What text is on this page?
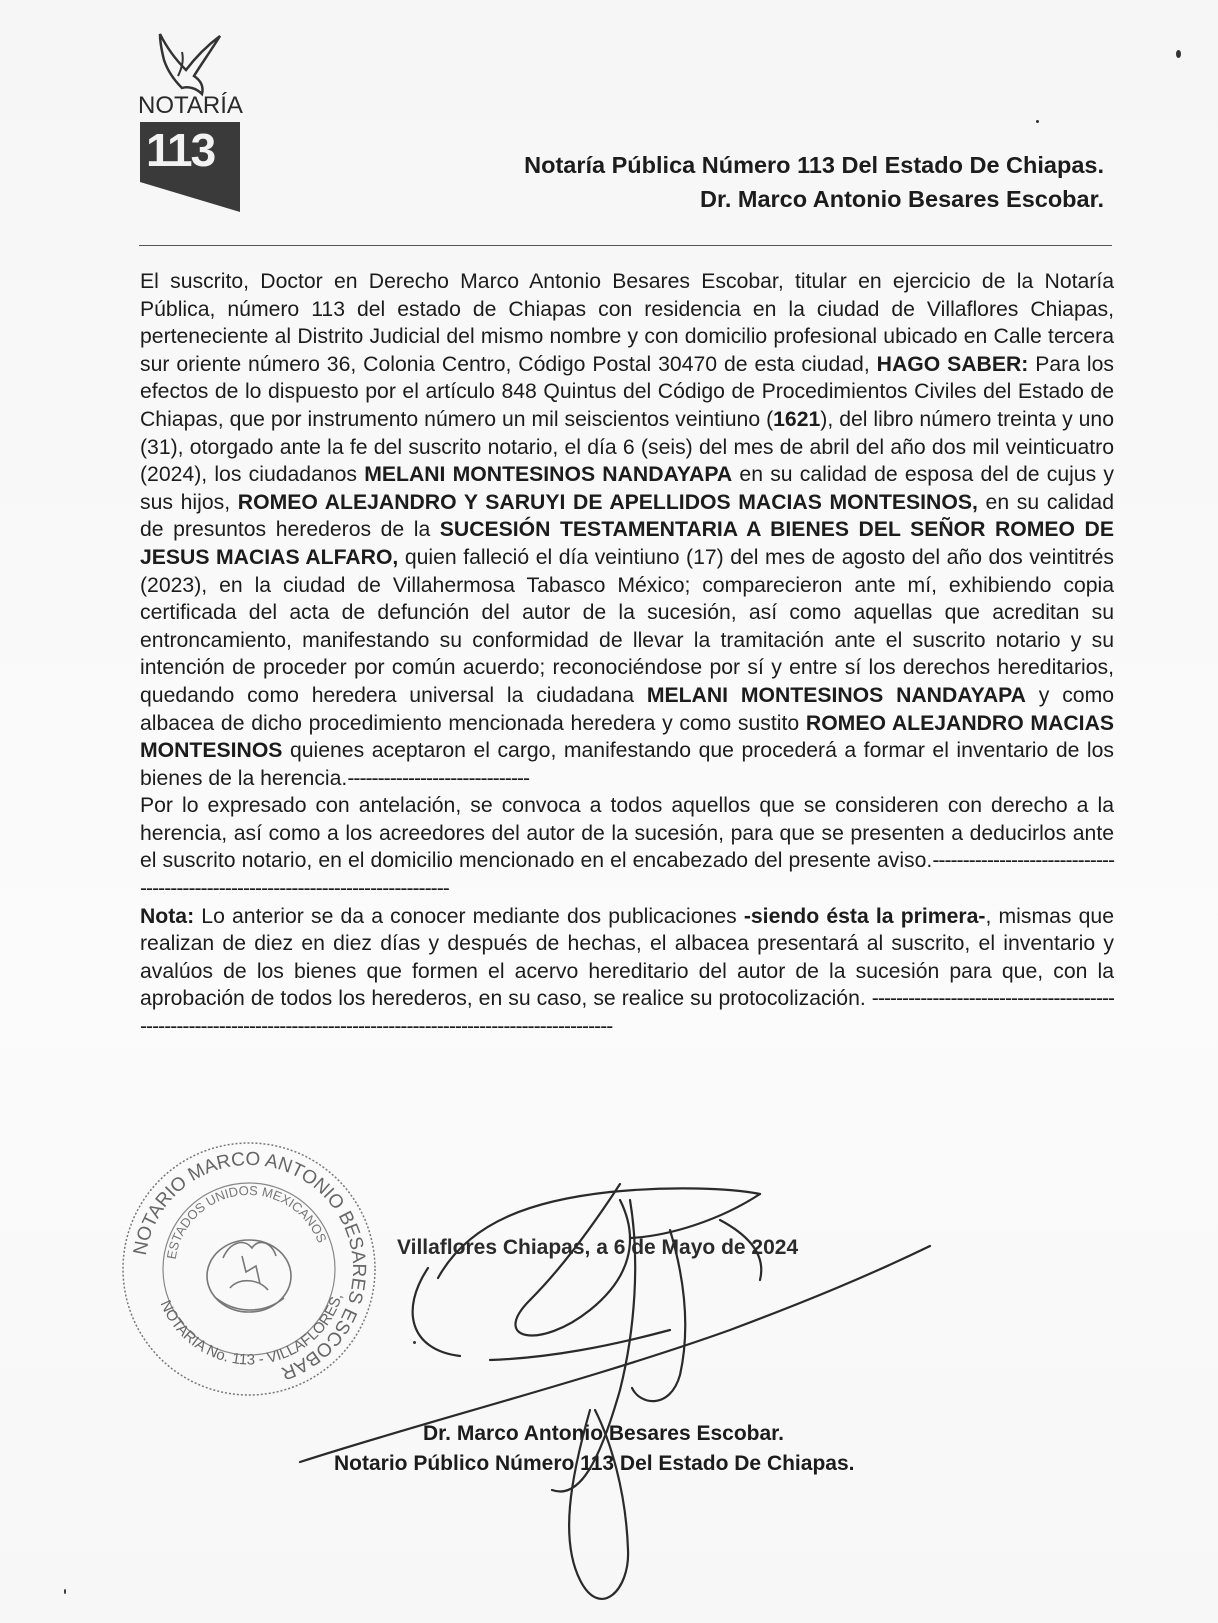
113
NOTARÍA
Notaría Pública Número 113 Del Estado De Chiapas.
Dr. Marco Antonio Besares Escobar.

El suscrito, Doctor en Derecho Marco Antonio Besares Escobar, titular en ejercicio de la Notaría Pública, número 113 del estado de Chiapas con residencia en la ciudad de Villaflores Chiapas, perteneciente al Distrito Judicial del mismo nombre y con domicilio profesional ubicado en Calle tercera sur oriente número 36, Colonia Centro, Código Postal 30470 de esta ciudad, HAGO SABER: Para los efectos de lo dispuesto por el artículo 848 Quintus del Código de Procedimientos Civiles del Estado de Chiapas, que por instrumento número un mil seiscientos veintiuno (1621), del libro número treinta y uno (31), otorgado ante la fe del suscrito notario, el día 6 (seis) del mes de abril del año dos mil veinticuatro (2024), los ciudadanos MELANI MONTESINOS NANDAYAPA en su calidad de esposa del de cujus y sus hijos, ROMEO ALEJANDRO Y SARUYI DE APELLIDOS MACIAS MONTESINOS, en su calidad de presuntos herederos de la SUCESIÓN TESTAMENTARIA A BIENES DEL SEÑOR ROMEO DE JESUS MACIAS ALFARO, quien falleció el día veintiuno (17) del mes de agosto del año dos veintitrés (2023), en la ciudad de Villahermosa Tabasco México; comparecieron ante mí, exhibiendo copia certificada del acta de defunción del autor de la sucesión, así como aquellas que acreditan su entroncamiento, manifestando su conformidad de llevar la tramitación ante el suscrito notario y su intención de proceder por común acuerdo; reconociéndose por sí y entre sí los derechos hereditarios, quedando como heredera universal la ciudadana MELANI MONTESINOS NANDAYAPA y como albacea de dicho procedimiento mencionada heredera y como sustito ROMEO ALEJANDRO MACIAS MONTESINOS quienes aceptaron el cargo, manifestando que procederá a formar el inventario de los bienes de la herencia.------------------------------

Por lo expresado con antelación, se convoca a todos aquellos que se consideren con derecho a la herencia, así como a los acreedores del autor de la sucesión, para que se presenten a deducirlos ante el suscrito notario, en el domicilio mencionado en el encabezado del presente aviso.---------------------------------------------------------------------------------

Nota: Lo anterior se da a conocer mediante dos publicaciones -siendo ésta la primera-, mismas que realizan de diez en diez días y después de hechas, el albacea presentará al suscrito, el inventario y avalúos de los bienes que formen el acervo hereditario del autor de la sucesión para que, con la aprobación de todos los herederos, en su caso, se realice su protocolización. ----------------------------------------------------------------------------------------------------------------------

NOTARIO MARCO ANTONIO BESARES ESCOBAR
ESTADOS UNIDOS MEXICANOS
NOTARIA No. 113 - VILLAFLORES,
Villaflores Chiapas, a 6 de Mayo de 2024
Dr. Marco Antonio Besares Escobar.
Notario Público Número 113 Del Estado De Chiapas.
